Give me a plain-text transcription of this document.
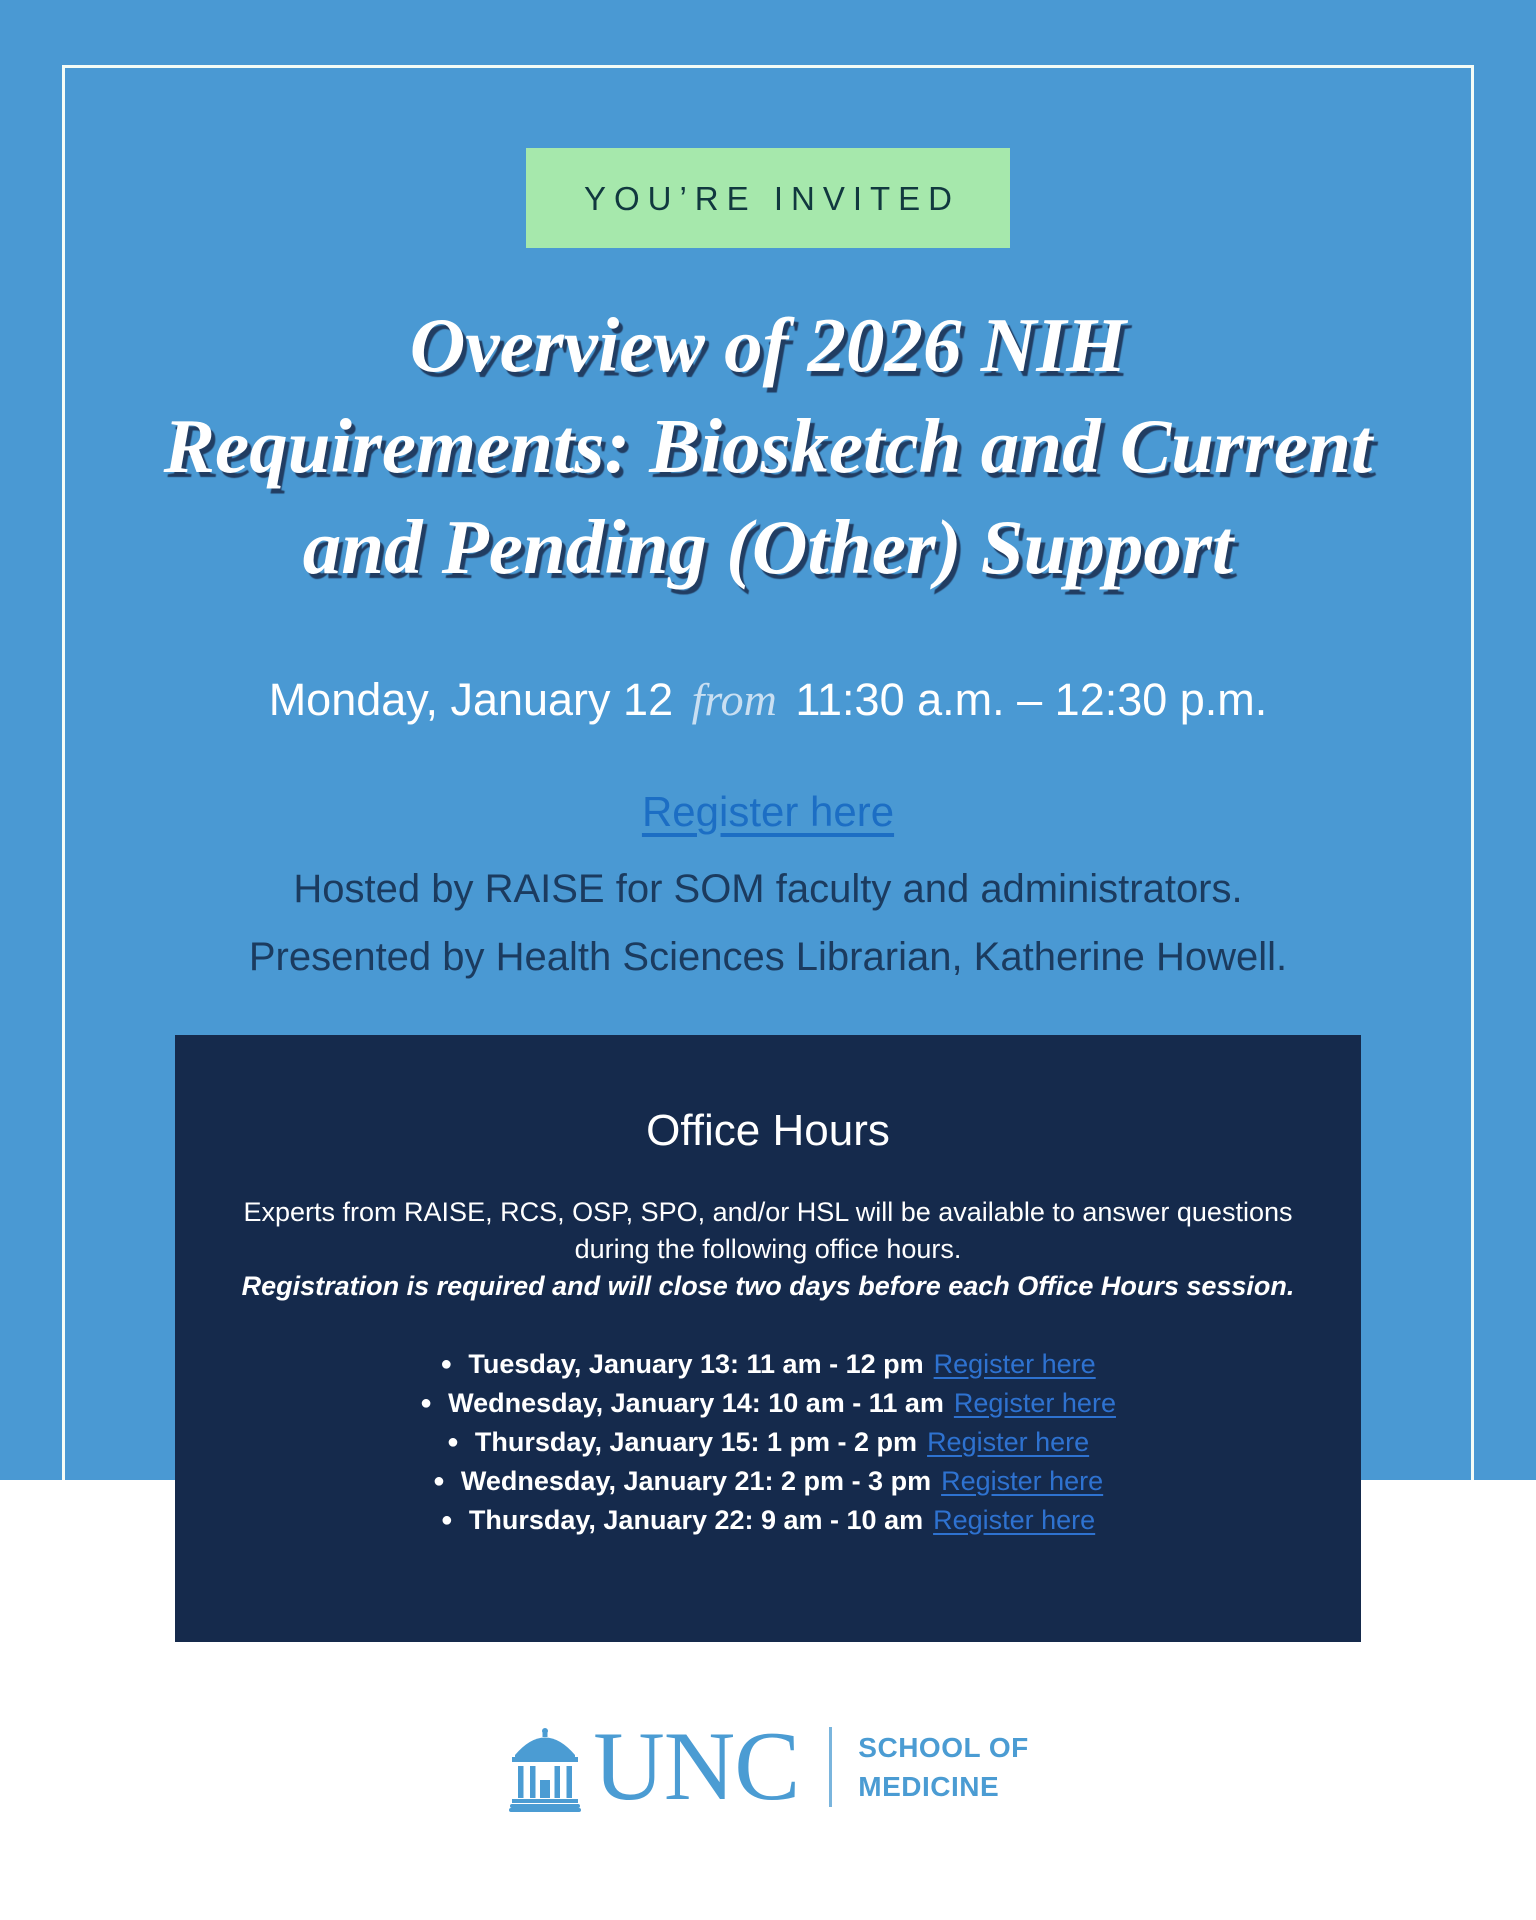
YOU’RE INVITED
Overview of 2026 NIH
Requirements: Biosketch and Current
and Pending (Other) Support
Monday, January 12 from 11:30 a.m. – 12:30 p.m.
Register here
Hosted by RAISE for SOM faculty and administrators.
Presented by Health Sciences Librarian, Katherine Howell.
Office Hours
Experts from RAISE, RCS, OSP, SPO, and/or HSL will be available to answer questions
during the following office hours.
Registration is required and will close two days before each Office Hours session.
● Tuesday, January 13: 11 am - 12 pm Register here
● Wednesday, January 14: 10 am - 11 am Register here
● Thursday, January 15: 1 pm - 2 pm Register here
● Wednesday, January 21: 2 pm - 3 pm Register here
● Thursday, January 22: 9 am - 10 am Register here
UNC SCHOOL OF
MEDICINE
